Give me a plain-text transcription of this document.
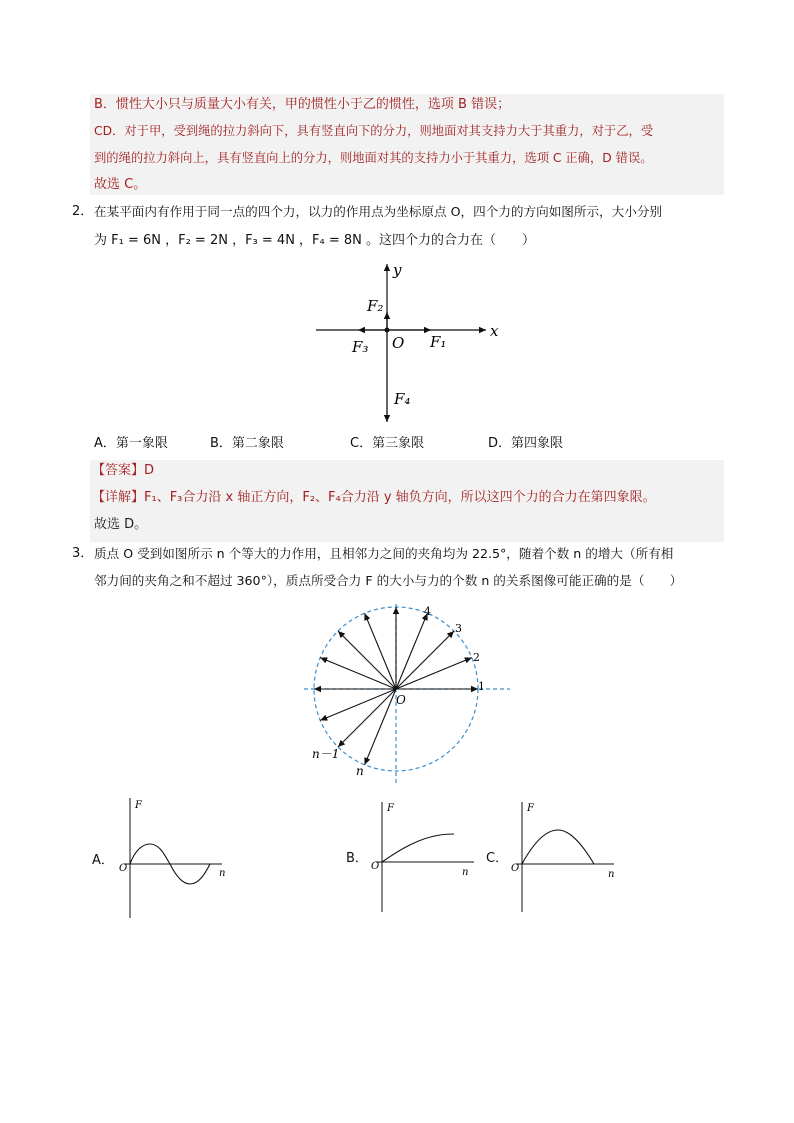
B．惯性大小只与质量大小有关，甲的惯性小于乙的惯性，选项 B 错误；
CD．对于甲，受到绳的拉力斜向下，具有竖直向下的分力，则地面对其支持力大于其重力，对于乙，受
到的绳的拉力斜向上，具有竖直向上的分力，则地面对其的支持力小于其重力，选项 C 正确，D 错误。
故选 C。
2． 在某平面内有作用于同一点的四个力，以力的作用点为坐标原点 O，四个力的方向如图所示，大小分别
为 F₁ = 6N ，F₂ = 2N ，F₃ = 4N ，F₄ = 8N 。这四个力的合力在（　　）
y
x
O F₁
F₂
F₃
F₄
A．第一象限	B．第二象限	C．第三象限	D．第四象限
【答案】D
【详解】F₁、F₃合力沿 x 轴正方向，F₂、F₄合力沿 y 轴负方向，所以这四个力的合力在第四象限。
故选 D。
3． 质点 O 受到如图所示 n 个等大的力作用，且相邻力之间的夹角均为 22.5°，随着个数 n 的增大（所有相
邻力间的夹角之和不超过 360°），质点所受合力 F 的大小与力的个数 n 的关系图像可能正确的是（　　）
O
1
2
3
4
n－1
n
A．
F
O	n
B．
F
O
n
C．
F
O
n
